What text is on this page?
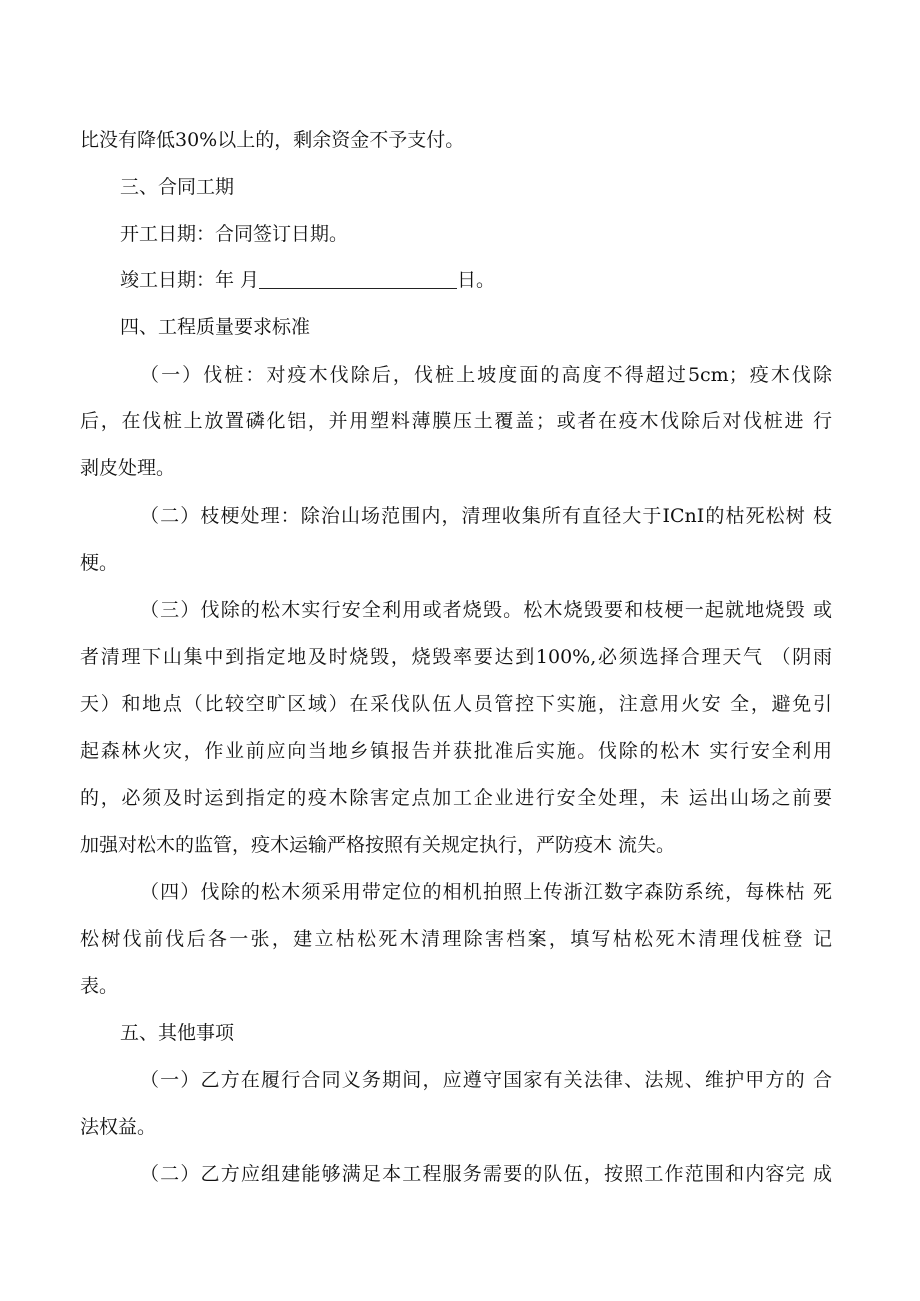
比没有降低30%以上的，剩余资金不予支付。
三、合同工期
开工日期：合同签订日期。
竣工日期：年 月	日。
四、工程质量要求标准
（一）伐桩：对疫木伐除后，伐桩上坡度面的高度不得超过5cm；疫木伐除
后，在伐桩上放置磷化铝，并用塑料薄膜压土覆盖；或者在疫木伐除后对伐桩进 行
剥皮处理。
（二）枝梗处理：除治山场范围内，清理收集所有直径大于ICnI的枯死松树 枝
梗。
（三）伐除的松木实行安全利用或者烧毁。松木烧毁要和枝梗一起就地烧毁 或
者清理下山集中到指定地及时烧毁，烧毁率要达到100%,必须选择合理天气 （阴雨
天）和地点（比较空旷区域）在采伐队伍人员管控下实施，注意用火安 全，避免引
起森林火灾，作业前应向当地乡镇报告并获批准后实施。伐除的松木 实行安全利用
的，必须及时运到指定的疫木除害定点加工企业进行安全处理，未 运出山场之前要
加强对松木的监管，疫木运输严格按照有关规定执行，严防疫木 流失。
（四）伐除的松木须采用带定位的相机拍照上传浙江数字森防系统，每株枯 死
松树伐前伐后各一张，建立枯松死木清理除害档案，填写枯松死木清理伐桩登 记
表。
五、其他事项
（一）乙方在履行合同义务期间，应遵守国家有关法律、法规、维护甲方的 合
法权益。
（二）乙方应组建能够满足本工程服务需要的队伍，按照工作范围和内容完 成
